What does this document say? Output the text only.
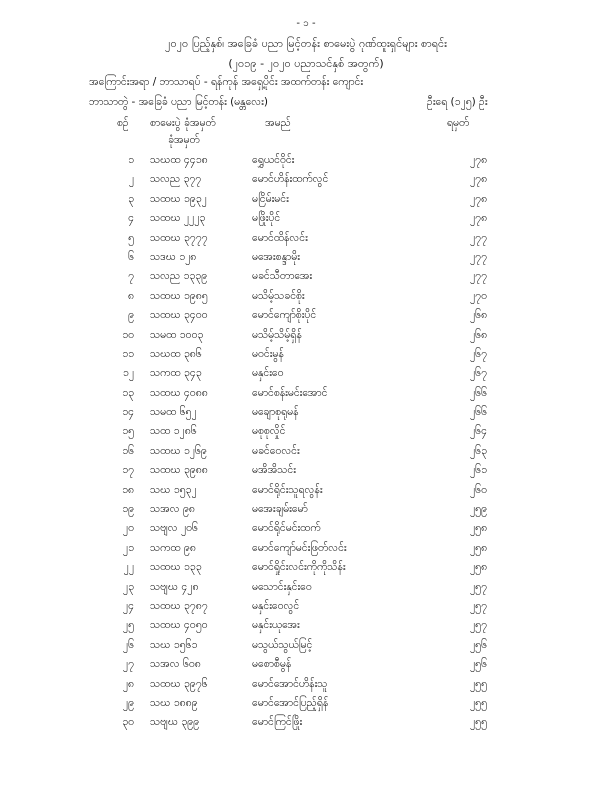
- ၁ -
၂၀၂၀ ပြည့်နှစ်၊ အခြေခံ ပညာ မြင့်တန်း စာမေးပွဲ ဂုဏ်ထူးရှင်များ စာရင်း
(၂၀၁၉ - ၂၀၂၀ ပညာသင်နှစ် အတွက်)
အကြောင်းအရာ / ဘာသာရပ် - ရန်ကုန် အရှေ့ပိုင်း အထက်တန်း ကျောင်း
ဘာသာတွဲ - အခြေခံ ပညာ မြင့်တန်း (မန္တလေး)	ဦးရေ (၁၂၅) ဦး
စဉ် စာမေးပွဲ ခုံအမှတ်	အမည်	ရမှတ်
ခုံအမှတ်
၁ သဃထ ၄၄၁၈	ရွှေယင်ဝိုင်း	၂၇၈
၂ သလည ၃၇၇	မောင်ဟိန်းထက်လွင်	၂၇၈
၃ သထဃ ၁၉၃၂	မငြိမ်းမင်း	၂၇၈
၄ သထဃ ၂၂၂၃	မဖြိုးပိုင်	၂၇၈
၅ သထဃ ၃၇၇၇	မောင်ထိန်လင်း	၂၇၇
၆ သဒဃ ၁၂၈	မအေးစန္ဒာမိုး	၂၇၇
၇ သလည ၁၃၃၉	မခင်သီတာအေး	၂၇၇
၈ သထဃ ၁၉၈၅	မသိမ့်သခင်စိုး	၂၇၀
၉ သထဃ ၃၄၀၀	မောင်ကျော်စိုးပိုင်	၂၆၈
၁၀ သမထ ၁၀၀၃	မသိမ့်သိမ့်ရှိန်	၂၆၈
၁၁ သဃထ ၃၈၆	မဝင်းမွန်	၂၆၇
၁၂ သကထ ၃၄၃	မနှင်းဝေ	၂၆၇
၁၃ သထဃ ၄၀၈၈	မောင်စန်းမင်းအောင်	၂၆၆
၁၄ သမထ ၆၅၂	မချောစုရုမန်	၂၆၆
၁၅ သထ ၁၂၈၆	မစုစုလှိုင်	၂၆၄
၁၆ သထဃ ၁၂၆၉	မခင်ဝေလင်း	၂၆၃
၁၇ သထဃ ၃၉၈၈	မအိအိသင်း	၂၆၁
၁၈ သဃ ၁၅၃၂	မောင်ရိုင်းသူရလွန်း	၂၆၀
၁၉ သအလ ၉၈	မအေးချမ်းမော်	၂၅၉
၂၀ သဗျလ ၂၀၆	မောင်ရိုင်မင်းထက်	၂၅၈
၂၁ သကထ ၉၈	မောင်ကျော်မင်းဖြတ်လင်း	၂၅၈
၂၂ သထဃ ၁၃၃	မောင်ရှိုင်းလင်းကိုကိုသိန်း	၂၅၈
၂၃ သဗျဃ ၄၂၈	မသောင်းနှင်းဝေ	၂၅၇
၂၄ သထဃ ၃၇၈၇	မနှင်းဝေလွင်	၂၅၇
၂၅ သထဃ ၄၀၅၀	မနှင်းယုအေး	၂၅၇
၂၆ သဃ ၁၅၆၁	မသွယ်သွယ်မြင့်	၂၅၆
၂၇ သအလ ၆၀၈	မစောစီမွန်	၂၅၆
၂၈ သထဃ ၃၉၇၆	မောင်အောင်ဟိန်းသူ	၂၅၅
၂၉ သဃ ၁၈၈၉	မောင်အောင်ပြည့်ရှိန်	၂၅၅
၃၀ သဗျဃ ၃၉၉	မောင်ကြင်ဖြိုး	၂၅၅
